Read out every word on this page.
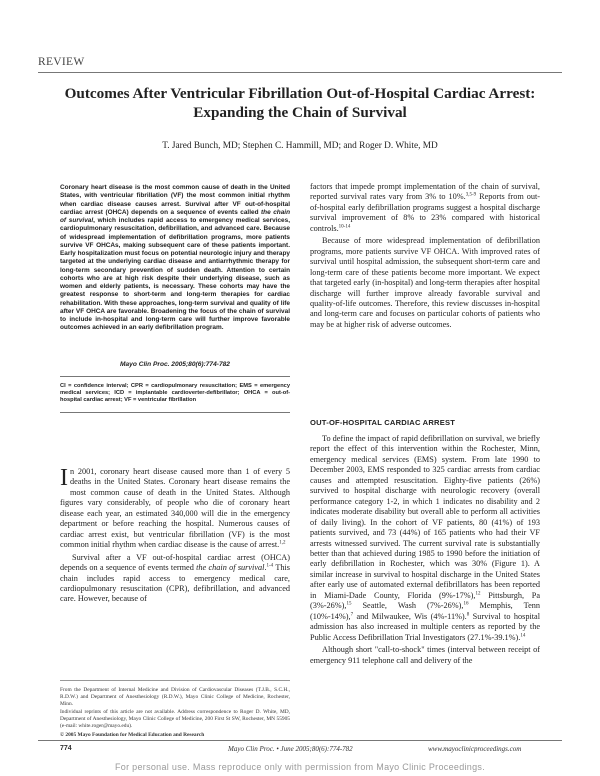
REVIEW
Outcomes After Ventricular Fibrillation Out-of-Hospital Cardiac Arrest:
Expanding the Chain of Survival
T. Jared Bunch, MD; Stephen C. Hammill, MD; and Roger D. White, MD
Coronary heart disease is the most common cause of death in the United States, with ventricular fibrillation (VF) the most common initial rhythm when cardiac disease causes arrest. Survival after VF out-of-hospital cardiac arrest (OHCA) depends on a sequence of events called the chain of survival, which includes rapid access to emergency medical services, cardiopulmonary resuscitation, defibrillation, and advanced care. Because of widespread implementation of defibrillation programs, more patients survive VF OHCAs, making subsequent care of these patients important. Early hospitalization must focus on potential neurologic injury and therapy targeted at the underlying cardiac disease and antiarrhythmic therapy for long-term secondary prevention of sudden death. Attention to certain cohorts who are at high risk despite their underlying disease, such as women and elderly patients, is necessary. These cohorts may have the greatest response to short-term and long-term therapies for cardiac rehabilitation. With these approaches, long-term survival and quality of life after VF OHCA are favorable. Broadening the focus of the chain of survival to include in-hospital and long-term care will further improve favorable outcomes achieved in an early defibrillation program.
Mayo Clin Proc. 2005;80(6):774-782
CI = confidence interval; CPR = cardiopulmonary resuscitation; EMS = emergency medical services; ICD = implantable cardioverter-defibrillator; OHCA = out-of-hospital cardiac arrest; VF = ventricular fibrillation

In 2001, coronary heart disease caused more than 1 of every 5 deaths in the United States. Coronary heart disease remains the most common cause of death in the United States. Although figures vary considerably, of people who die of coronary heart disease each year, an estimated 340,000 will die in the emergency department or before reaching the hospital. Numerous causes of cardiac arrest exist, but ventricular fibrillation (VF) is the most common initial rhythm when cardiac disease is the cause of arrest.$^{1,2}$

Survival after a VF out-of-hospital cardiac arrest (OHCA) depends on a sequence of events termed the chain of survival.$^{1-4}$ This chain includes rapid access to emergency medical care, cardiopulmonary resuscitation (CPR), defibrillation, and advanced care. However, because of

From the Department of Internal Medicine and Division of Cardiovascular Diseases (T.J.B., S.C.H., R.D.W.) and Department of Anesthesiology (R.D.W.), Mayo Clinic College of Medicine, Rochester, Minn.

Individual reprints of this article are not available. Address correspondence to Roger D. White, MD, Department of Anesthesiology, Mayo Clinic College of Medicine, 200 First St SW, Rochester, MN 55905 (e-mail: white.roger@mayo.edu).

© 2005 Mayo Foundation for Medical Education and Research

factors that impede prompt implementation of the chain of survival, reported survival rates vary from 3% to 10%.$^{3,5-9}$ Reports from out-of-hospital early defibrillation programs suggest a hospital discharge survival improvement of 8% to 23% compared with historical controls.$^{10-14}$

Because of more widespread implementation of defibrillation programs, more patients survive VF OHCA. With improved rates of survival until hospital admission, the subsequent short-term care and long-term care of these patients become more important. We expect that targeted early (in-hospital) and long-term therapies after hospital discharge will further improve already favorable survival and quality-of-life outcomes. Therefore, this review discusses in-hospital and long-term care and focuses on particular cohorts of patients who may be at higher risk of adverse outcomes.

OUT-OF-HOSPITAL CARDIAC ARREST

To define the impact of rapid defibrillation on survival, we briefly report the effect of this intervention within the Rochester, Minn, emergency medical services (EMS) system. From late 1990 to December 2003, EMS responded to 325 cardiac arrests from cardiac causes and attempted resuscitation. Eighty-five patients (26%) survived to hospital discharge with neurologic recovery (overall performance category 1-2, in which 1 indicates no disability and 2 indicates moderate disability but overall able to perform all activities of daily living). In the cohort of VF patients, 80 (41%) of 193 patients survived, and 73 (44%) of 165 patients who had their VF arrests witnessed survived. The current survival rate is substantially better than that achieved during 1985 to 1990 before the initiation of early defibrillation in Rochester, which was 30% (Figure 1). A similar increase in survival to hospital discharge in the United States after early use of automated external defibrillators has been reported in Miami-Dade County, Florida (9%-17%),$^{12}$ Pittsburgh, Pa (3%-26%),$^{15}$ Seattle, Wash (7%-26%),$^{16}$ Memphis, Tenn (10%-14%),$^7$ and Milwaukee, Wis (4%-11%).$^8$ Survival to hospital admission has also increased in multiple centers as reported by the Public Access Defibrillation Trial Investigators (27.1%-39.1%).$^{14}$

Although short "call-to-shock" times (interval between receipt of emergency 911 telephone call and delivery of the

774	Mayo Clin Proc. • June 2005;80(6):774-782	www.mayoclinicproceedings.com
For personal use. Mass reproduce only with permission from Mayo Clinic Proceedings.
